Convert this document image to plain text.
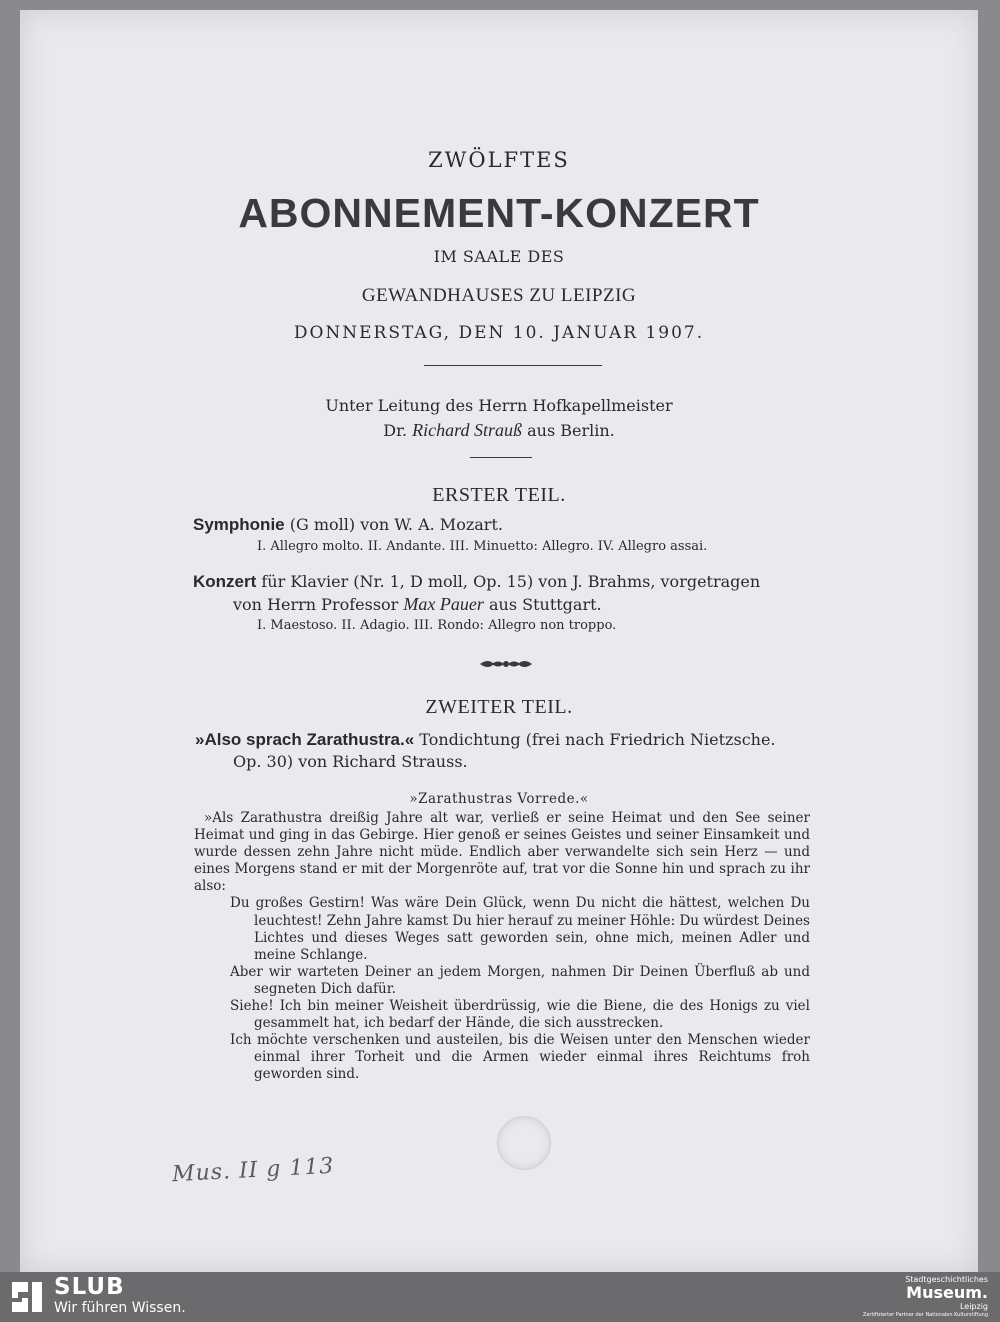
ZWÖLFTES
ABONNEMENT-KONZERT
IM SAALE DES
GEWANDHAUSES ZU LEIPZIG
DONNERSTAG, DEN 10. JANUAR 1907.
Unter Leitung des Herrn Hofkapellmeister
Dr. Richard Strauß aus Berlin.
ERSTER TEIL.
Symphonie (G moll) von W. A. Mozart.
I. Allegro molto. II. Andante. III. Minuetto: Allegro. IV. Allegro assai.
Konzert für Klavier (Nr. 1, D moll, Op. 15) von J. Brahms, vorgetragen
von Herrn Professor Max Pauer aus Stuttgart.
I. Maestoso. II. Adagio. III. Rondo: Allegro non troppo.
ZWEITER TEIL.
»Also sprach Zarathustra.« Tondichtung (frei nach Friedrich Nietzsche.
Op. 30) von Richard Strauss.
»Zarathustras Vorrede.«

»Als Zarathustra dreißig Jahre alt war, verließ er seine Heimat und den See seiner Heimat und ging in das Gebirge. Hier genoß er seines Geistes und seiner Einsamkeit und wurde dessen zehn Jahre nicht müde. Endlich aber verwandelte sich sein Herz — und eines Morgens stand er mit der Morgenröte auf, trat vor die Sonne hin und sprach zu ihr also:

Du großes Gestirn! Was wäre Dein Glück, wenn Du nicht die hättest, welchen Du leuchtest! Zehn Jahre kamst Du hier herauf zu meiner Höhle: Du würdest Deines Lichtes und dieses Weges satt geworden sein, ohne mich, meinen Adler und meine Schlange.

Aber wir warteten Deiner an jedem Morgen, nahmen Dir Deinen Überfluß ab und segneten Dich dafür.

Siehe! Ich bin meiner Weisheit überdrüssig, wie die Biene, die des Honigs zu viel gesammelt hat, ich bedarf der Hände, die sich ausstrecken.

Ich möchte verschenken und austeilen, bis die Weisen unter den Menschen wieder einmal ihrer Torheit und die Armen wieder einmal ihres Reichtums froh geworden sind.

Mus. II g 113
SLUB
Wir führen Wissen.
Stadtgeschichtliches
Museum.
Leipzig
Zertifizierter Partner der Nationalen Kulturstiftung
